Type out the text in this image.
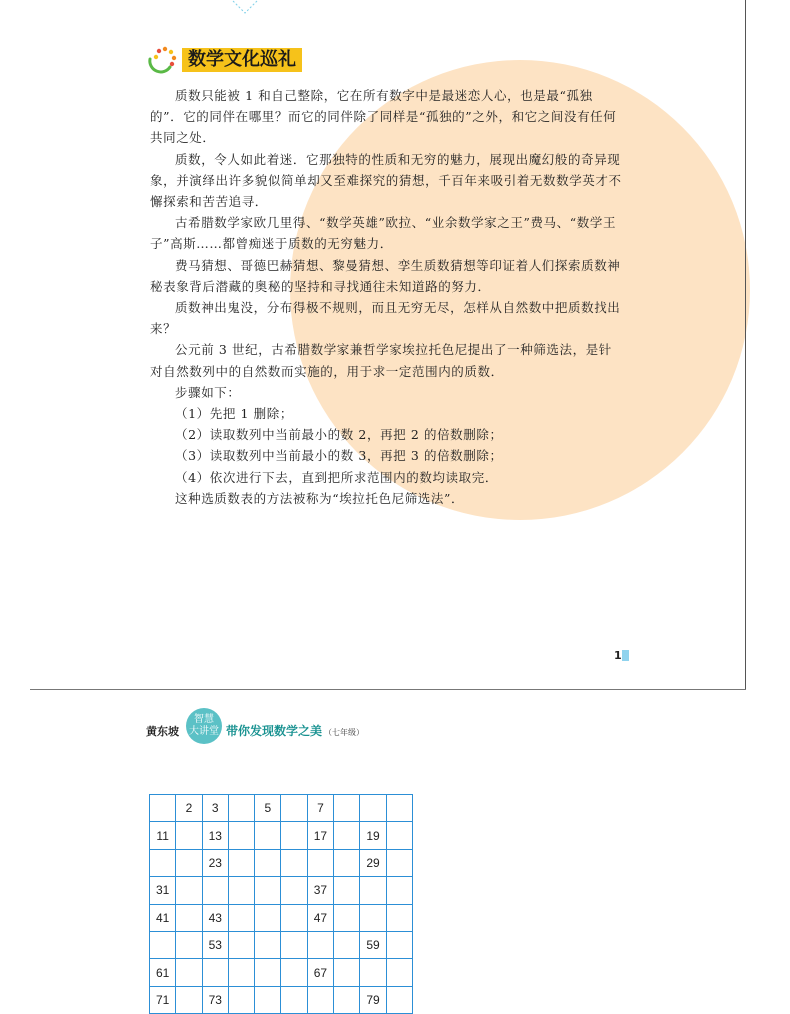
数学文化巡礼

质数只能被 1 和自己整除，它在所有数字中是最迷恋人心，也是最“孤独的”．它的同伴在哪里？而它的同伴除了同样是“孤独的”之外，和它之间没有任何共同之处．

质数，令人如此着迷．它那独特的性质和无穷的魅力，展现出魔幻般的奇异现象，并演绎出许多貌似简单却又至难探究的猜想，千百年来吸引着无数数学英才不懈探索和苦苦追寻．

古希腊数学家欧几里得、“数学英雄”欧拉、“业余数学家之王”费马、“数学王子”高斯……都曾痴迷于质数的无穷魅力．

费马猜想、哥德巴赫猜想、黎曼猜想、孪生质数猜想等印证着人们探索质数神秘表象背后潜藏的奥秘的坚持和寻找通往未知道路的努力．

质数神出鬼没，分布得极不规则，而且无穷无尽，怎样从自然数中把质数找出来？

公元前 3 世纪，古希腊数学家兼哲学家埃拉托色尼提出了一种筛选法，是针对自然数列中的自然数而实施的，用于求一定范围内的质数．

步骤如下：

（1）先把 1 删除；

（2）读取数列中当前最小的数 2，再把 2 的倍数删除；

（3）读取数列中当前最小的数 3，再把 3 的倍数删除；

（4）依次进行下去，直到把所求范围内的数均读取完．

这种选质数表的方法被称为“埃拉托色尼筛选法”．

1
黄东坡
智慧
大讲堂 带你发现数学之美 （七年级）
	2	3		5		7			
11		13				17		19	
		23						29	
31						37			
41		43				47			
		53						59	
61						67			
71		73						79	
